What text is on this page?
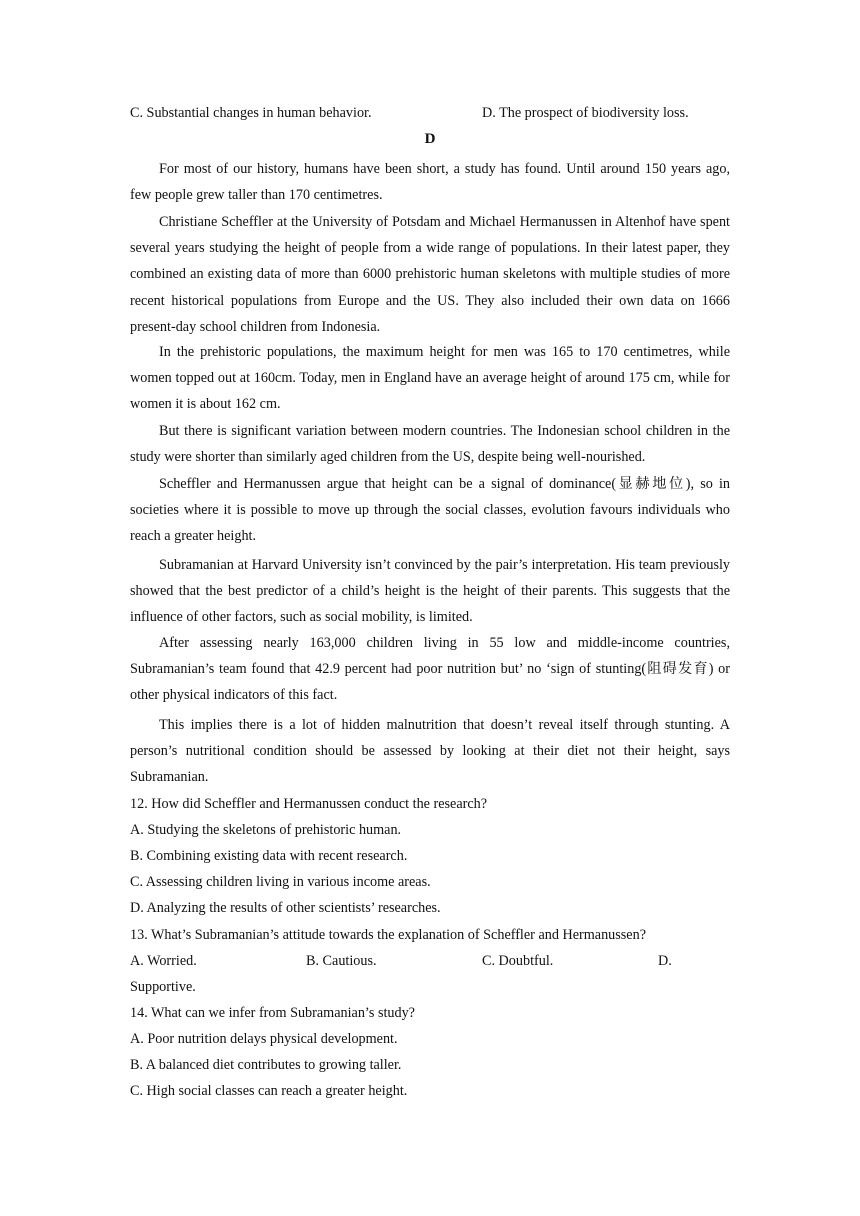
C. Substantial changes in human behavior.	D. The prospect of biodiversity loss.
D
For most of our history, humans have been short, a study has found. Until around 150 years ago, few people grew taller than 170 centimetres.
Christiane Scheffler at the University of Potsdam and Michael Hermanussen in Altenhof have spent several years studying the height of people from a wide range of populations. In their latest paper, they combined an existing data of more than 6000 prehistoric human skeletons with multiple studies of more recent historical populations from Europe and the US. They also included their own data on 1666 present-day school children from Indonesia.
In the prehistoric populations, the maximum height for men was 165 to 170 centimetres, while women topped out at 160cm. Today, men in England have an average height of around 175 cm, while for women it is about 162 cm.
But there is significant variation between modern countries. The Indonesian school children in the study were shorter than similarly aged children from the US, despite being well-nourished.
Scheffler and Hermanussen argue that height can be a signal of dominance(显赫地位), so in societies where it is possible to move up through the social classes, evolution favours individuals who reach a greater height.
Subramanian at Harvard University isn’t convinced by the pair’s interpretation. His team previously showed that the best predictor of a child’s height is the height of their parents. This suggests that the influence of other factors, such as social mobility, is limited.
After assessing nearly 163,000 children living in 55 low and middle-income countries, Subramanian’s team found that 42.9 percent had poor nutrition but’ no ‘sign of stunting(阻碍发育) or other physical indicators of this fact.
This implies there is a lot of hidden malnutrition that doesn’t reveal itself through stunting. A person’s nutritional condition should be assessed by looking at their diet not their height, says Subramanian.
12. How did Scheffler and Hermanussen conduct the research?
A. Studying the skeletons of prehistoric human.
B. Combining existing data with recent research.
C. Assessing children living in various income areas.
D. Analyzing the results of other scientists’ researches.
13. What’s Subramanian’s attitude towards the explanation of Scheffler and Hermanussen?
A. Worried.	B. Cautious.	C. Doubtful.	D.
Supportive.
14. What can we infer from Subramanian’s study?
A. Poor nutrition delays physical development.
B. A balanced diet contributes to growing taller.
C. High social classes can reach a greater height.
